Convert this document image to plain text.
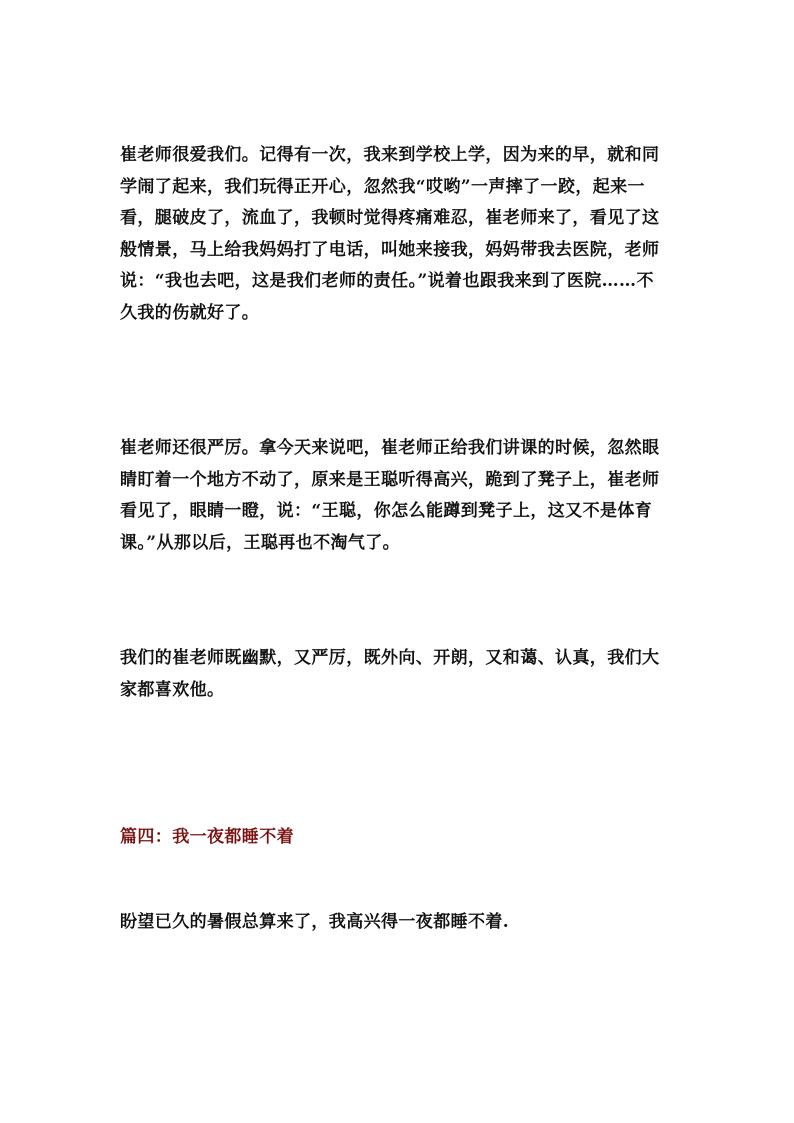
崔老师很爱我们。记得有一次，我来到学校上学，因为来的早，就和同学闹了起来，我们玩得正开心，忽然我“哎哟”一声摔了一跤，起来一看，腿破皮了，流血了，我顿时觉得疼痛难忍，崔老师来了，看见了这般情景，马上给我妈妈打了电话，叫她来接我，妈妈带我去医院，老师说：“我也去吧，这是我们老师的责任。”说着也跟我来到了医院……不久我的伤就好了。

崔老师还很严厉。拿今天来说吧，崔老师正给我们讲课的时候，忽然眼睛盯着一个地方不动了，原来是王聪听得高兴，跪到了凳子上，崔老师看见了，眼睛一瞪，说：“王聪，你怎么能蹲到凳子上，这又不是体育课。”从那以后，王聪再也不淘气了。

我们的崔老师既幽默，又严厉，既外向、开朗，又和蔼、认真，我们大家都喜欢他。

篇四：我一夜都睡不着

盼望已久的暑假总算来了，我高兴得一夜都睡不着.
